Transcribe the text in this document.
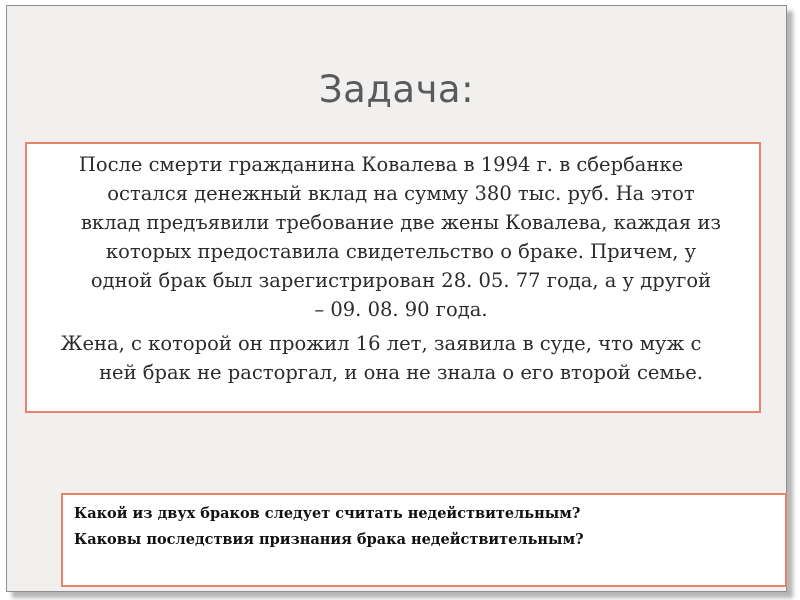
Задача:
После смерти гражданина Ковалева в 1994 г. в сбербанке
остался денежный вклад на сумму 380 тыс. руб. На этот
вклад предъявили требование две жены Ковалева, каждая из
которых предоставила свидетельство о браке. Причем, у
одной брак был зарегистрирован 28. 05. 77 года, а у другой
– 09. 08. 90 года.
Жена, с которой он прожил 16 лет, заявила в суде, что муж с
ней брак не расторгал, и она не знала о его второй семье.
Какой из двух браков следует считать недействительным?
Каковы последствия признания брака недействительным?
